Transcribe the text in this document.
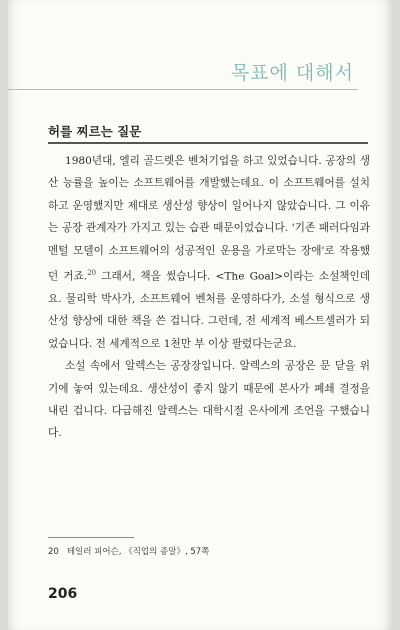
목표에 대해서
허를 찌르는 질문

1980년대, 엘리 골드렛은 벤처기업을 하고 있었습니다. 공장의 생산 능률을 높이는 소프트웨어를 개발했는데요. 이 소프트웨어를 설치하고 운영했지만 제대로 생산성 향상이 일어나지 않았습니다. 그 이유는 공장 관계자가 가지고 있는 습관 때문이었습니다. '기존 패러다임과 멘털 모델이 소프트웨어의 성공적인 운용을 가로막는 장애'로 작용했던 거죠.$^{20}$ 그래서, 책을 썼습니다. <The Goal>이라는 소설책인데요. 물리학 박사가, 소프트웨어 벤처를 운영하다가, 소설 형식으로 생산성 향상에 대한 책을 쓴 겁니다. 그런데, 전 세계적 베스트셀러가 되었습니다. 전 세계적으로 1천만 부 이상 팔렸다는군요.

소설 속에서 알렉스는 공장장입니다. 알렉스의 공장은 문 닫을 위기에 놓여 있는데요. 생산성이 좋지 않기 때문에 본사가 폐쇄 결정을 내린 겁니다. 다급해진 알렉스는 대학시절 은사에게 조언을 구했습니다.

20 테일러 피어슨, 《직업의 종말》, 57쪽
206
